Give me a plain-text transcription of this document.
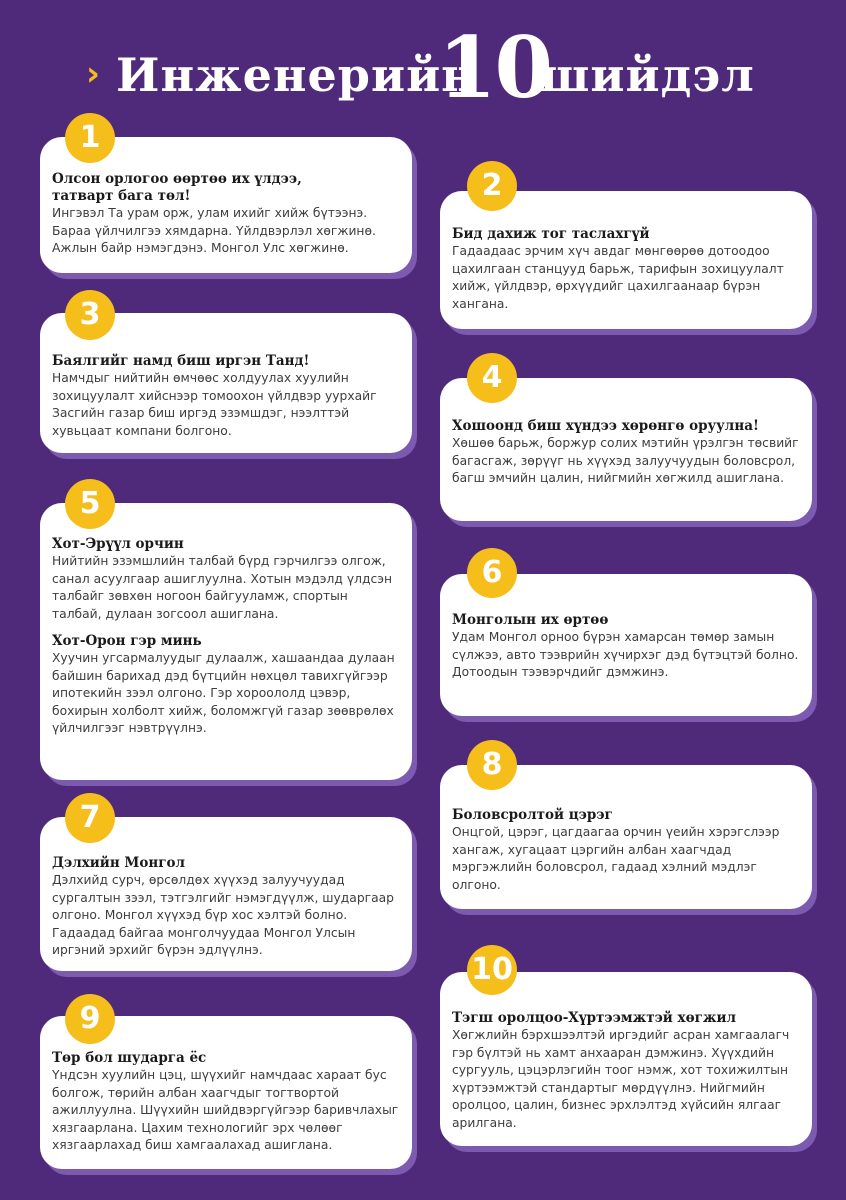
› Инженерийн
10
шийдэл
1
Олсон орлогоо өөртөө их үлдээ,
татварт бага төл!
Ингэвэл Та урам орж, улам ихийг хийж бүтээнэ. Бараа үйлчилгээ хямдарна. Үйлдвэрлэл хөгжинө. Ажлын байр нэмэгдэнэ. Монгол Улс хөгжинө.
2
Бид дахиж тог таслахгүй
Гадаадаас эрчим хүч авдаг мөнгөөрөө дотоодоо цахилгаан станцууд барьж, тарифын зохицуулалт хийж, үйлдвэр, өрхүүдийг цахилгаанаар бүрэн хангана.
3
Баялгийг намд биш иргэн Танд!
Намчдыг нийтийн өмчөөс холдуулах хуулийн зохицуулалт хийснээр томоохон үйлдвэр уурхайг Засгийн газар биш иргэд эзэмшдэг, нээлттэй хувьцаат компани болгоно.
4
Хошоонд биш хүндээ хөрөнгө оруулна!
Хөшөө барьж, боржур солих мэтийн үрэлгэн төсвийг багасгаж, зөрүүг нь хүүхэд залуучуудын боловсрол, багш эмчийн цалин, нийгмийн хөгжилд ашиглана.
5
Хот-Эрүүл орчин
Нийтийн эзэмшлийн талбай бүрд гэрчилгээ олгож, санал асуулгаар ашиглуулна. Хотын мэдэлд үлдсэн талбайг зөвхөн ногоон байгууламж, спортын талбай, дулаан зогсоол ашиглана.
Хот-Орон гэр минь
Хуучин угсармалуудыг дулаалж, хашаандаа дулаан байшин барихад дэд бүтцийн нөхцөл тавихгүйгээр ипотекийн зээл олгоно. Гэр хороололд цэвэр, бохирын холболт хийж, боломжгүй газар зөөврөлөх үйлчилгээг нэвтрүүлнэ.
6
Монголын их өртөө
Удам Монгол орноо бүрэн хамарсан төмөр замын сүлжээ, авто тээврийн хүчирхэг дэд бүтэцтэй болно. Дотоодын тээвэрчдийг дэмжинэ.
8
Боловсролтой цэрэг
Онцгой, цэрэг, цагдаагаа орчин үеийн хэрэгслээр хангаж, хугацаат цэргийн албан хаагчдад мэргэжлийн боловсрол, гадаад хэлний мэдлэг олгоно.
7
Дэлхийн Монгол
Дэлхийд сурч, өрсөлдөх хүүхэд залуучуудад сургалтын зээл, тэтгэлгийг нэмэгдүүлж, шударгаар олгоно. Монгол хүүхэд бүр хос хэлтэй болно. Гадаадад байгаа монголчуудаа Монгол Улсын иргэний эрхийг бүрэн эдлүүлнэ.
10
Тэгш оролцоо-Хүртээмжтэй хөгжил
Хөгжлийн бэрхшээлтэй иргэдийг асран хамгаалагч гэр бүлтэй нь хамт анхааран дэмжинэ. Хүүхдийн сургууль, цэцэрлэгийн тоог нэмж, хот тохижилтын хүртээмжтэй стандартыг мөрдүүлнэ. Нийгмийн оролцоо, цалин, бизнес эрхлэлтэд хүйсийн ялгааг арилгана.
9
Төр бол шударга ёс
Үндсэн хуулийн цэц, шүүхийг намчдаас хараат бус болгож, төрийн албан хаагчдыг тогтвортой ажиллуулна. Шүүхийн шийдвэргүйгээр баривчлахыг хязгаарлана. Цахим технологийг эрх чөлөөг хязгаарлахад биш хамгаалахад ашиглана.
